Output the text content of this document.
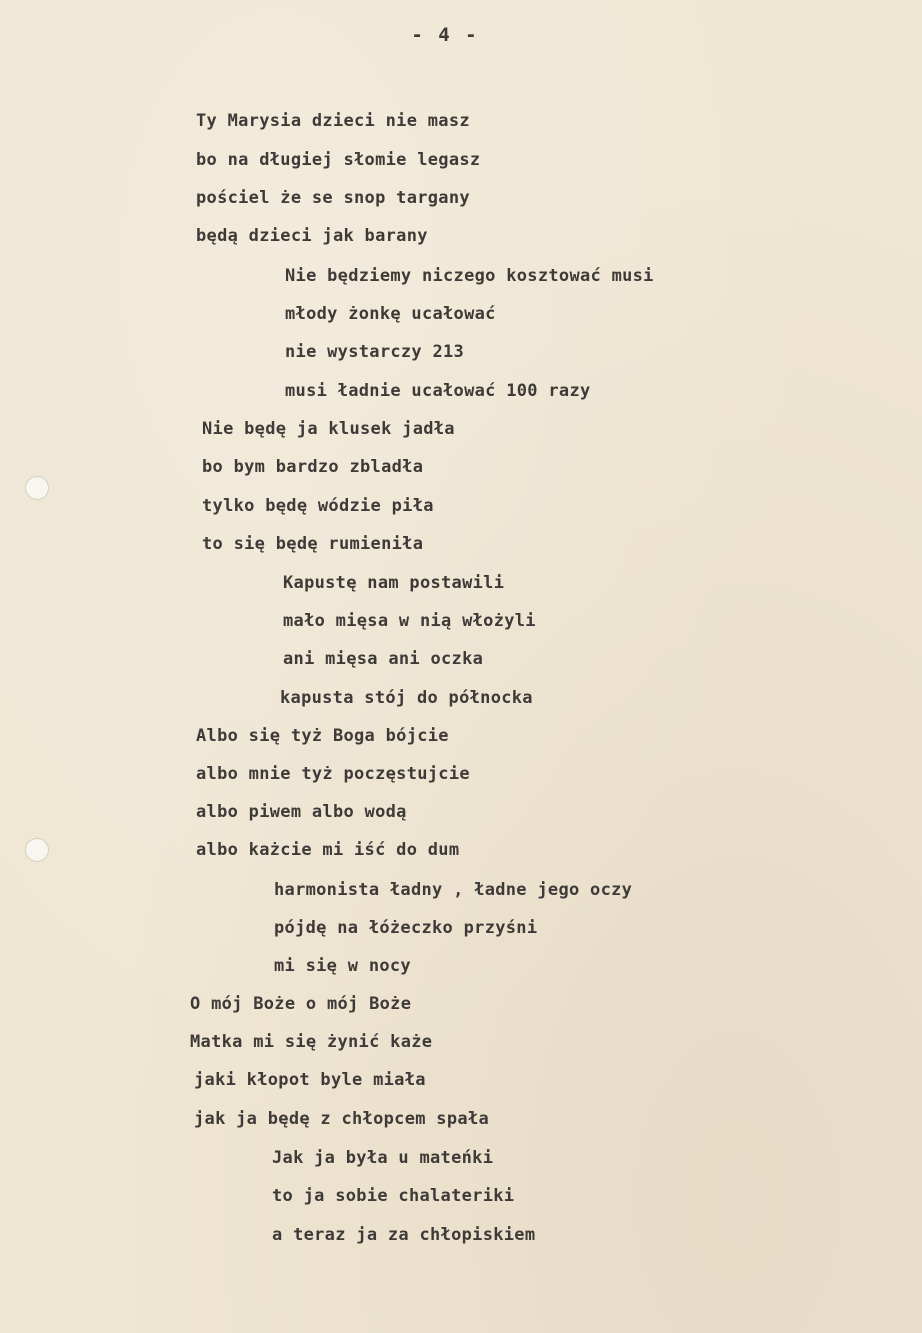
- 4 -
Ty Marysia dzieci nie masz
bo na długiej słomie legasz
pościel że se snop targany
będą dzieci jak barany
Nie będziemy niczego kosztować musi
młody żonkę ucałować
nie wystarczy 213
musi ładnie ucałować 100 razy
Nie będę ja klusek jadła
bo bym bardzo zbladła
tylko będę wódzie piła
to się będę rumieniła
Kapustę nam postawili
mało mięsa w nią włożyli
ani mięsa ani oczka
kapusta stój do północka
Albo się tyż Boga bójcie
albo mnie tyż poczęstujcie
albo piwem albo wodą
albo każcie mi iść do dum
harmonista ładny , ładne jego oczy
pójdę na łóżeczko przyśni
mi się w nocy
O mój Boże o mój Boże
Matka mi się żynić każe
jaki kłopot byle miała
jak ja będę z chłopcem spała
Jak ja była u mateńki
to ja sobie chalateriki
a teraz ja za chłopiskiem
